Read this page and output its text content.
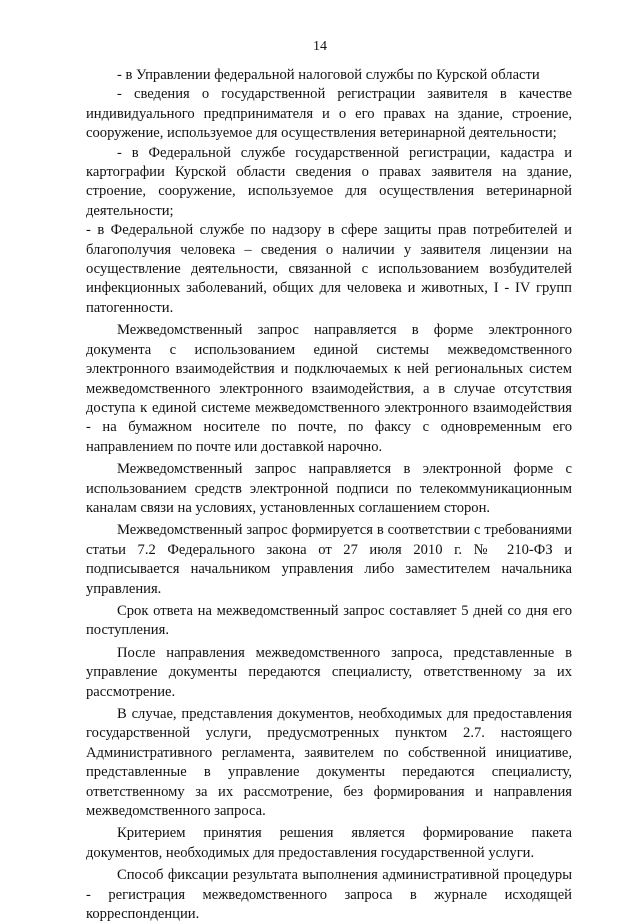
14

- в Управлении федеральной налоговой службы по Курской области

- сведения о государственной регистрации заявителя в качестве индивидуального предпринимателя и о его правах на здание, строение, сооружение, используемое для осуществления ветеринарной деятельности;

- в Федеральной службе государственной регистрации, кадастра и картографии Курской области сведения о правах заявителя на здание, строение, сооружение, используемое для осуществления ветеринарной деятельности;

- в Федеральной службе по надзору в сфере защиты прав потребителей и благополучия человека – сведения о наличии у заявителя лицензии на осуществление деятельности, связанной с использованием возбудителей инфекционных заболеваний, общих для человека и животных, I - IV групп патогенности.

Межведомственный запрос направляется в форме электронного документа с использованием единой системы межведомственного электронного взаимодействия и подключаемых к ней региональных систем межведомственного электронного взаимодействия, а в случае отсутствия доступа к единой системе межведомственного электронного взаимодействия - на бумажном носителе по почте, по факсу с одновременным его направлением по почте или доставкой нарочно.

Межведомственный запрос направляется в электронной форме с использованием средств электронной подписи по телекоммуникационным каналам связи на условиях, установленных соглашением сторон.

Межведомственный запрос формируется в соответствии с требованиями статьи 7.2 Федерального закона от 27 июля 2010 г. № 210-ФЗ и подписывается начальником управления либо заместителем начальника управления.

Срок ответа на межведомственный запрос составляет 5 дней со дня его поступления.

После направления межведомственного запроса, представленные в управление документы передаются специалисту, ответственному за их рассмотрение.

В случае, представления документов, необходимых для предоставления государственной услуги, предусмотренных пунктом 2.7. настоящего Административного регламента, заявителем по собственной инициативе, представленные в управление документы передаются специалисту, ответственному за их рассмотрение, без формирования и направления межведомственного запроса.

Критерием принятия решения является формирование пакета документов, необходимых для предоставления государственной услуги.

Способ фиксации результата выполнения административной процедуры - регистрация межведомственного запроса в журнале исходящей корреспонденции.
